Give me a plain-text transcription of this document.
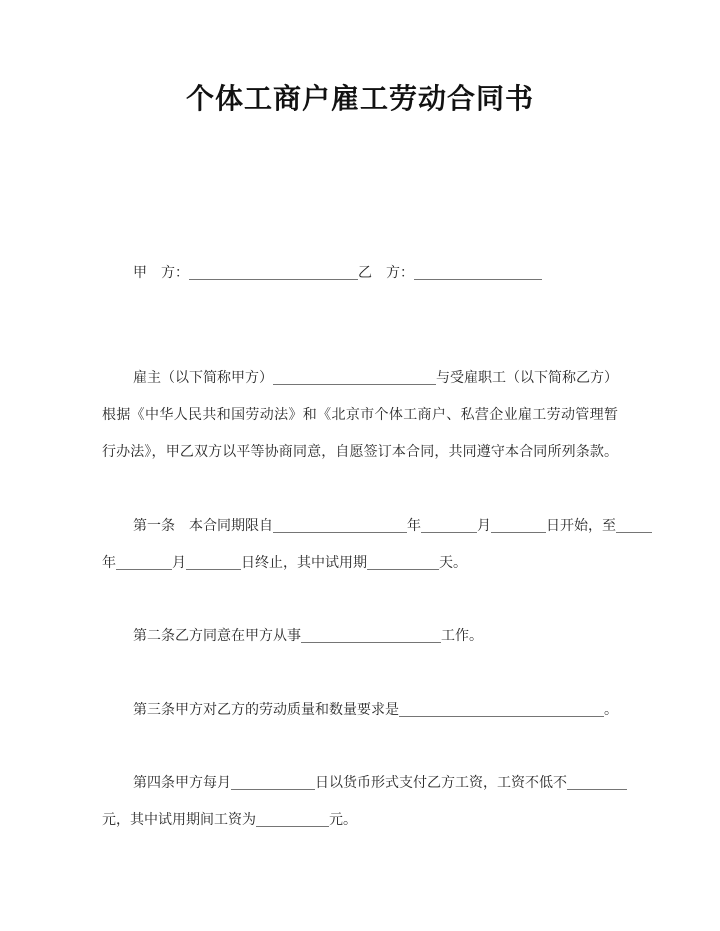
个体工商户雇工劳动合同书
甲　方：	乙　方：
雇主（以下简称甲方）	与受雇职工（以下简称乙方）
根据《中华人民共和国劳动法》和《北京市个体工商户、私营企业雇工劳动管理暂
行办法》，甲乙双方以平等协商同意，自愿签订本合同，共同遵守本合同所列条款。
第一条　本合同期限自	年	月	日开始，至
年	月	日终止，其中试用期	天。
第二条乙方同意在甲方从事	工作。
第三条甲方对乙方的劳动质量和数量要求是	。
第四条甲方每月	日以货币形式支付乙方工资，工资不低不
元，其中试用期间工资为	元。
